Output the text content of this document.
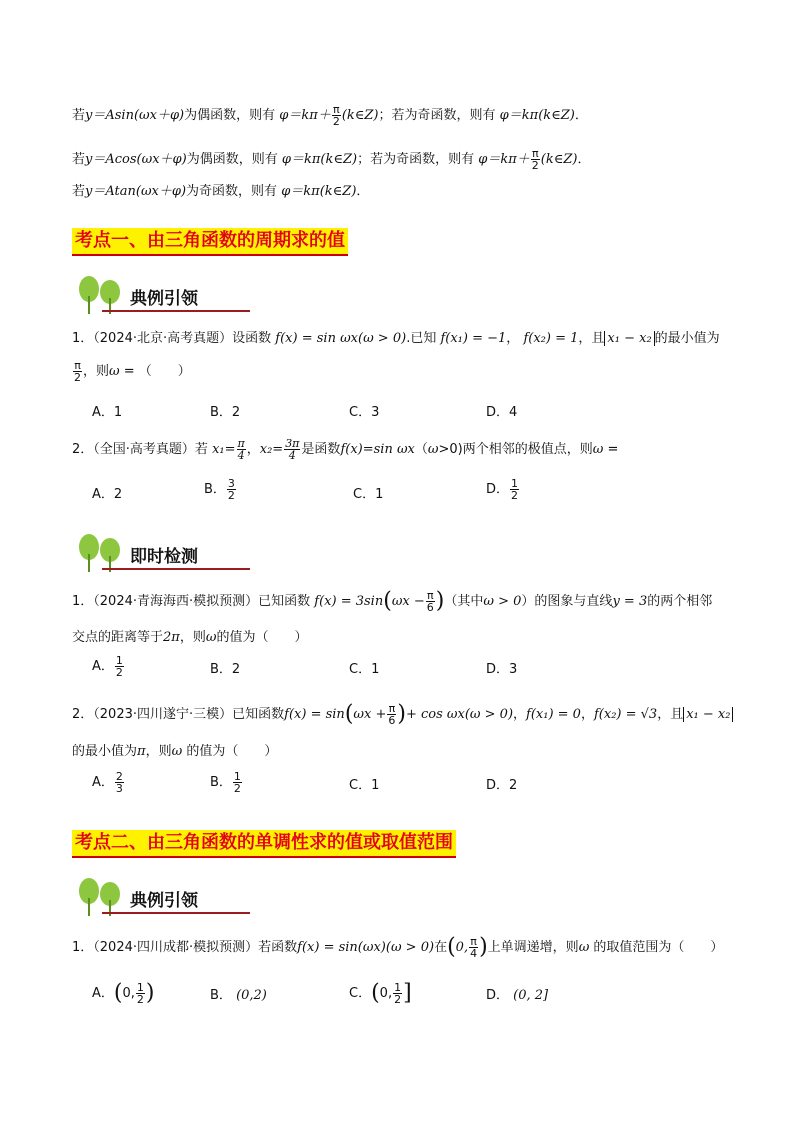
若y＝Asin(ωx＋φ)为偶函数，则有 $\varphi=k\pi+ \frac{\pi}{2}$ (k∈Z)；若为奇函数，则有 φ＝kπ(k∈Z)．
若y＝Acos(ωx＋φ)为偶函数，则有 φ＝kπ(k∈Z)；若为奇函数，则有 $\varphi=k\pi+ \frac{\pi}{2}$ (k∈Z)．
若y＝Atan(ωx＋φ)为奇函数，则有 φ＝kπ(k∈Z)．
考点一、由三角函数的周期求的值
典例引领
1．（2024·北京·高考真题）设函数 f(x) = sin ωx(ω > 0).已知 f(x₁) = −1， f(x₂) = 1，且 x₁ − x₂ 的最小值为
$\frac{\pi}{2}$ ，则ω = （　　）
A．1	B．2	C．3	D．4
2．（全国·高考真题）若 $x_1= \frac{\pi}{4}$ ，$x_2= \frac{3\pi}{4}$ 是函数f(x)=sin ωx（ω>0)两个相邻的极值点，则ω =
A．2	B． $\frac{3}{2}$	C．1	D． $\frac{1}{2}$
即时检测
1．（2024·青海海西·模拟预测）已知函数 $f(x) = 3\sin(\omega x - \frac{\pi}{6}$ )（其中ω > 0）的图象与直线y = 3的两个相邻
交点的距离等于2π，则ω的值为（　　）
A． $\frac{1}{2}$	B．2	C．1	D．3
2．（2023·四川遂宁·三模）已知函数$f(x) = \sin(\omega x + \frac{\pi}{6}$ )+ cos ωx(ω > 0)，f(x₁) = 0，f(x₂) = √3，且 x₁ − x₂
的最小值为π，则ω 的值为（　　）
A． $\frac{2}{3}$	B． $\frac{1}{2}$	C．1	D．2
考点二、由三角函数的单调性求的值或取值范围
典例引领
1．（2024·四川成都·模拟预测）若函数f(x) = sin(ωx)(ω > 0)在(0, $\frac{\pi}{4}$ )上单调递增，则ω 的取值范围为（　　）
A．(0, $\frac{1}{2}$ )	B． (0,2)	C．(0, $\frac{1}{2}$ ]	D． (0, 2]
